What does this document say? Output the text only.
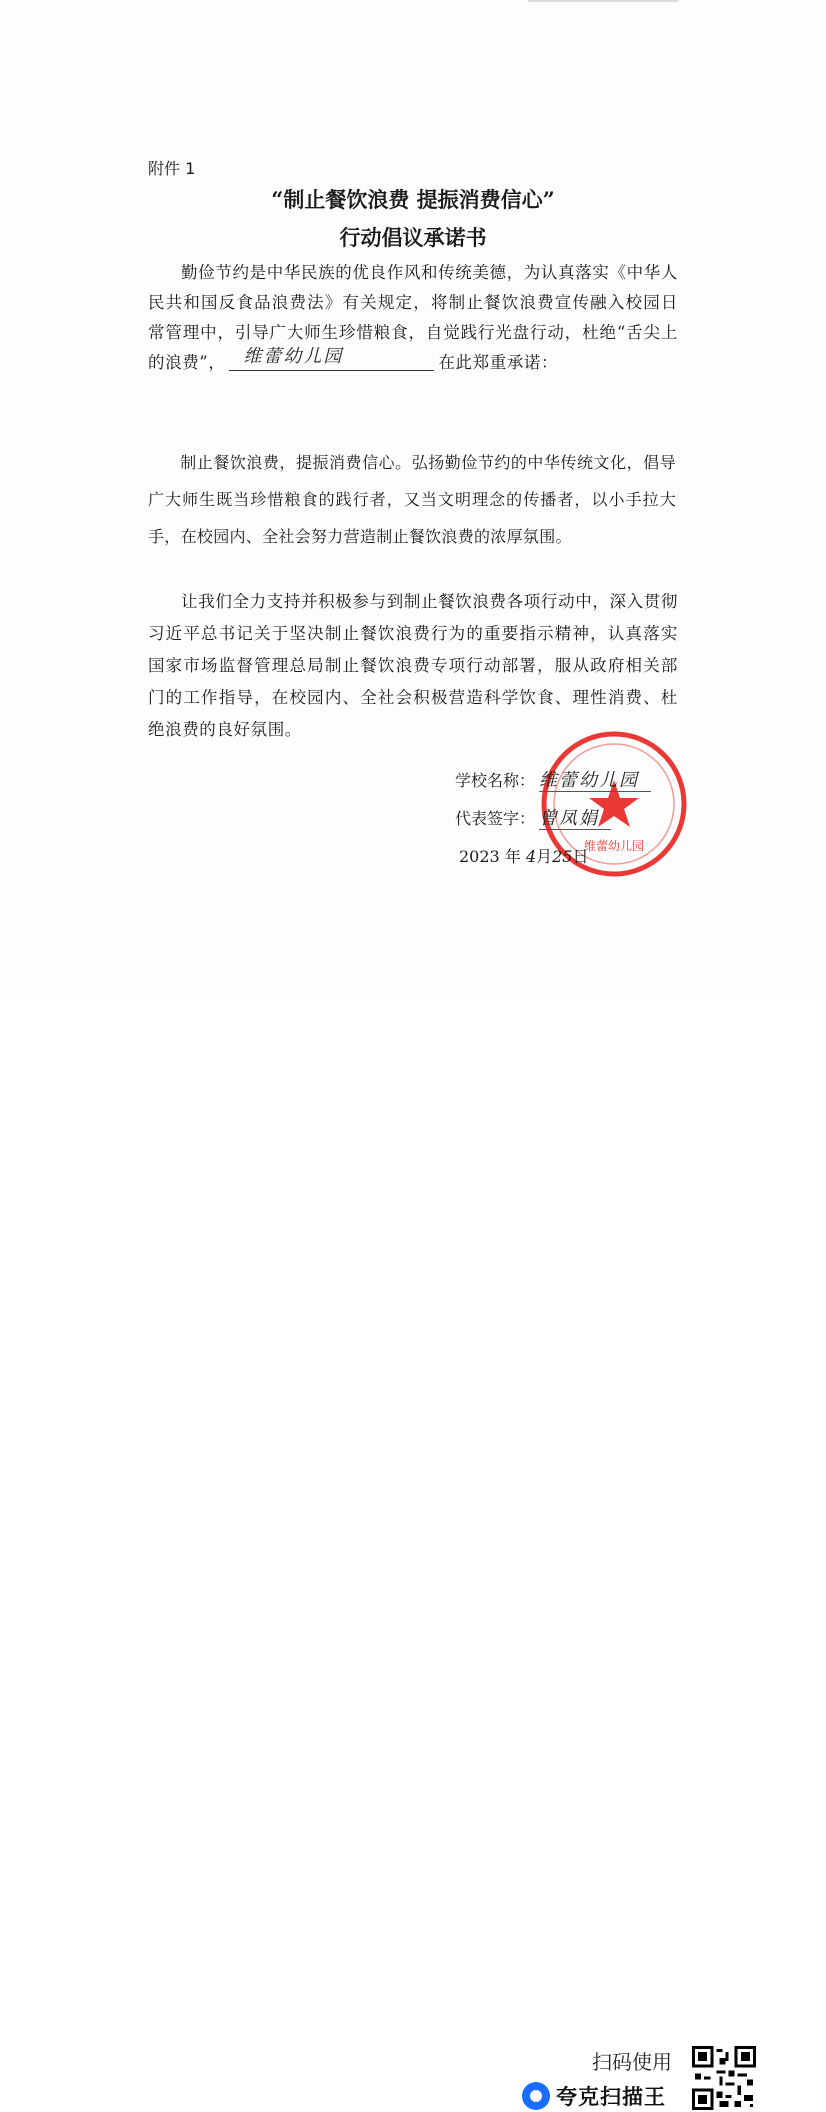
附件 1
“制止餐饮浪费 提振消费信心”
行动倡议承诺书
勤俭节约是中华民族的优良作风和传统美德，为认真落实《中华人民共和国反食品浪费法》有关规定，将制止餐饮浪费宣传融入校园日常管理中，引导广大师生珍惜粮食，自觉践行光盘行动，杜绝“舌尖上的浪费”， 维蕾幼儿园	在此郑重承诺：
制止餐饮浪费，提振消费信心。弘扬勤俭节约的中华传统文化，倡导广大师生既当珍惜粮食的践行者，又当文明理念的传播者，以小手拉大手，在校园内、全社会努力营造制止餐饮浪费的浓厚氛围。
让我们全力支持并积极参与到制止餐饮浪费各项行动中，深入贯彻习近平总书记关于坚决制止餐饮浪费行为的重要指示精神，认真落实国家市场监督管理总局制止餐饮浪费专项行动部署，服从政府相关部门的工作指导，在校园内、全社会积极营造科学饮食、理性消费、杜绝浪费的良好氛围。
维蕾幼儿园
学校名称： 维蕾幼儿园
代表签字： 曾凤娟
2023 年 4月25日
扫码使用
夸克扫描王
